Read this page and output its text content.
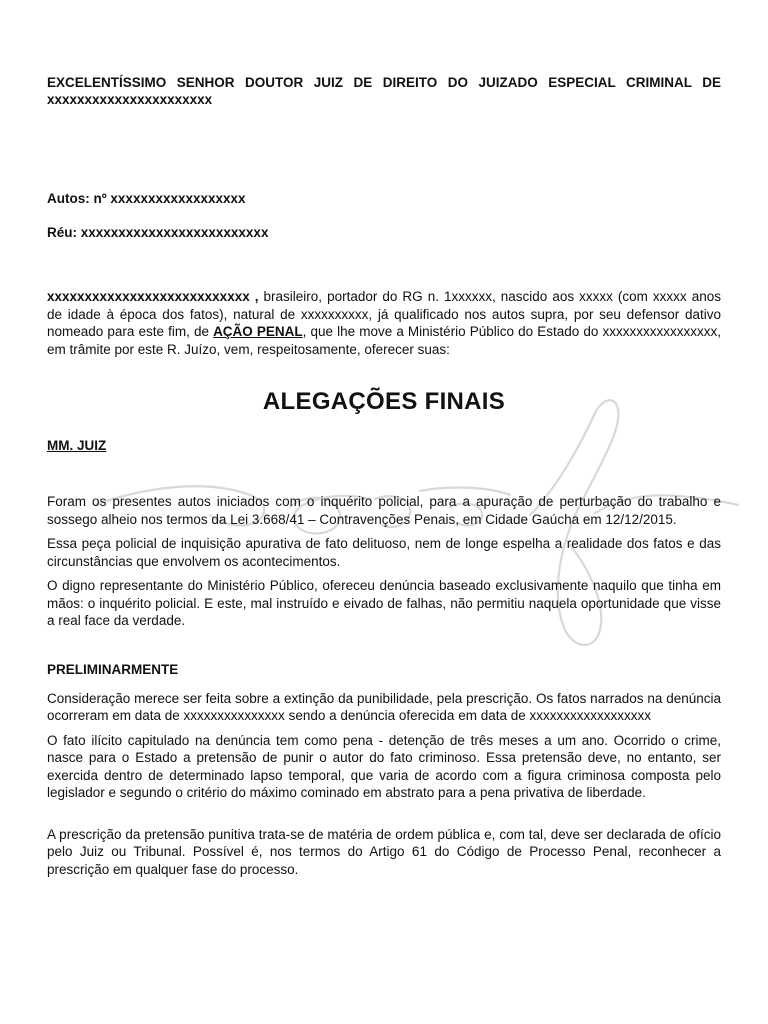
EXCELENTÍSSIMO SENHOR DOUTOR JUIZ DE DIREITO DO JUIZADO ESPECIAL CRIMINAL DE xxxxxxxxxxxxxxxxxxxxxx
Autos: nº xxxxxxxxxxxxxxxxxx
Réu: xxxxxxxxxxxxxxxxxxxxxxxxx

xxxxxxxxxxxxxxxxxxxxxxxxxxx , brasileiro, portador do RG n. 1xxxxxx, nascido aos xxxxx (com xxxxx anos de idade à época dos fatos), natural de xxxxxxxxxx, já qualificado nos autos supra, por seu defensor dativo nomeado para este fim, de AÇÃO PENAL, que lhe move a Ministério Público do Estado do xxxxxxxxxxxxxxxxx, em trâmite por este R. Juízo, vem, respeitosamente, oferecer suas:

ALEGAÇÕES FINAIS
MM. JUIZ

Foram os presentes autos iniciados com o inquérito policial, para a apuração de perturbação do trabalho e sossego alheio nos termos da Lei 3.668/41 – Contravenções Penais, em Cidade Gaúcha em 12/12/2015.

Essa peça policial de inquisição apurativa de fato delituoso, nem de longe espelha a realidade dos fatos e das circunstâncias que envolvem os acontecimentos.

O digno representante do Ministério Público, ofereceu denúncia baseado exclusivamente naquilo que tinha em mãos: o inquérito policial. E este, mal instruído e eivado de falhas, não permitiu naquela oportunidade que visse a real face da verdade.

PRELIMINARMENTE

Consideração merece ser feita sobre a extinção da punibilidade, pela prescrição. Os fatos narrados na denúncia ocorreram em data de xxxxxxxxxxxxxxx sendo a denúncia oferecida em data de xxxxxxxxxxxxxxxxxx

O fato ilícito capitulado na denúncia tem como pena - detenção de três meses a um ano. Ocorrido o crime, nasce para o Estado a pretensão de punir o autor do fato criminoso. Essa pretensão deve, no entanto, ser exercida dentro de determinado lapso temporal, que varia de acordo com a figura criminosa composta pelo legislador e segundo o critério do máximo cominado em abstrato para a pena privativa de liberdade.

A prescrição da pretensão punitiva trata-se de matéria de ordem pública e, com tal, deve ser declarada de ofício pelo Juiz ou Tribunal. Possível é, nos termos do Artigo 61 do Código de Processo Penal, reconhecer a prescrição em qualquer fase do processo.
